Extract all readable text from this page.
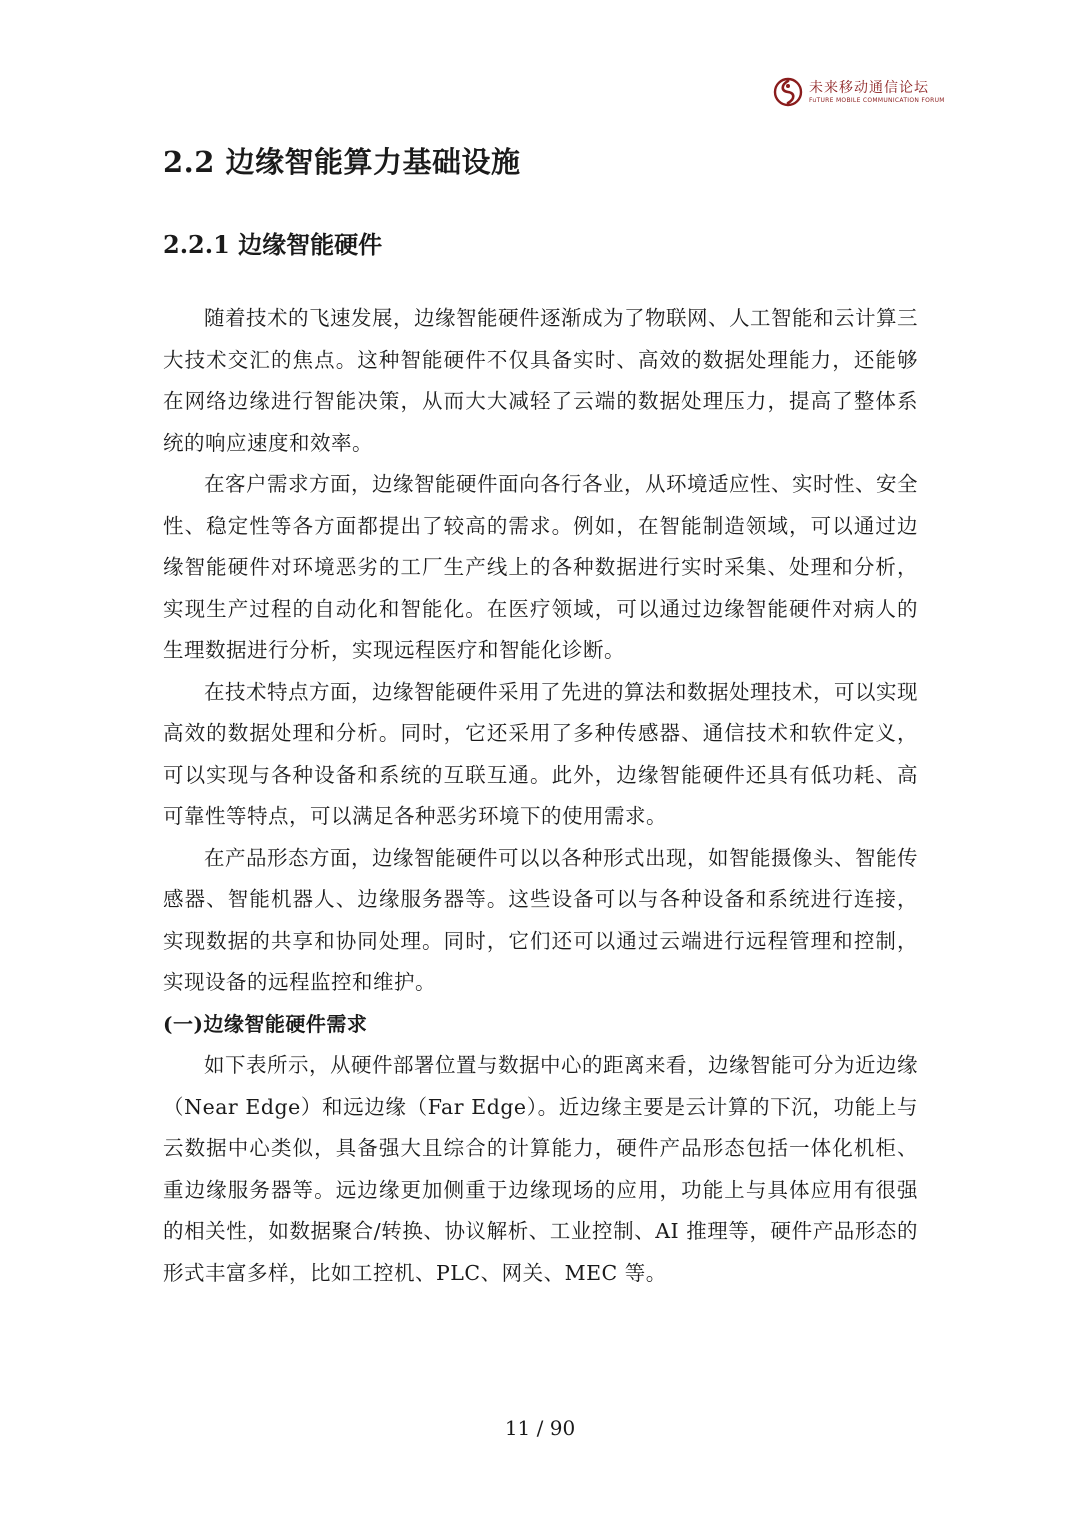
未来移动通信论坛
FuTURE MOBILE COMMUNICATION FORUM
2.2 边缘智能算力基础设施
2.2.1 边缘智能硬件

随着技术的飞速发展，边缘智能硬件逐渐成为了物联网、人工智能和云计算三大技术交汇的焦点。这种智能硬件不仅具备实时、高效的数据处理能力，还能够在网络边缘进行智能决策，从而大大减轻了云端的数据处理压力，提高了整体系统的响应速度和效率。

在客户需求方面，边缘智能硬件面向各行各业，从环境适应性、实时性、安全性、稳定性等各方面都提出了较高的需求。例如，在智能制造领域，可以通过边缘智能硬件对环境恶劣的工厂生产线上的各种数据进行实时采集、处理和分析，实现生产过程的自动化和智能化。在医疗领域，可以通过边缘智能硬件对病人的生理数据进行分析，实现远程医疗和智能化诊断。

在技术特点方面，边缘智能硬件采用了先进的算法和数据处理技术，可以实现高效的数据处理和分析。同时，它还采用了多种传感器、通信技术和软件定义，可以实现与各种设备和系统的互联互通。此外，边缘智能硬件还具有低功耗、高可靠性等特点，可以满足各种恶劣环境下的使用需求。

在产品形态方面，边缘智能硬件可以以各种形式出现，如智能摄像头、智能传感器、智能机器人、边缘服务器等。这些设备可以与各种设备和系统进行连接，实现数据的共享和协同处理。同时，它们还可以通过云端进行远程管理和控制，实现设备的远程监控和维护。

(一)边缘智能硬件需求

如下表所示，从硬件部署位置与数据中心的距离来看，边缘智能可分为近边缘（Near Edge）和远边缘（Far Edge）。近边缘主要是云计算的下沉，功能上与云数据中心类似，具备强大且综合的计算能力，硬件产品形态包括一体化机柜、重边缘服务器等。远边缘更加侧重于边缘现场的应用，功能上与具体应用有很强的相关性，如数据聚合/转换、协议解析、工业控制、AI 推理等，硬件产品形态的形式丰富多样，比如工控机、PLC、网关、MEC 等。

11 / 90
